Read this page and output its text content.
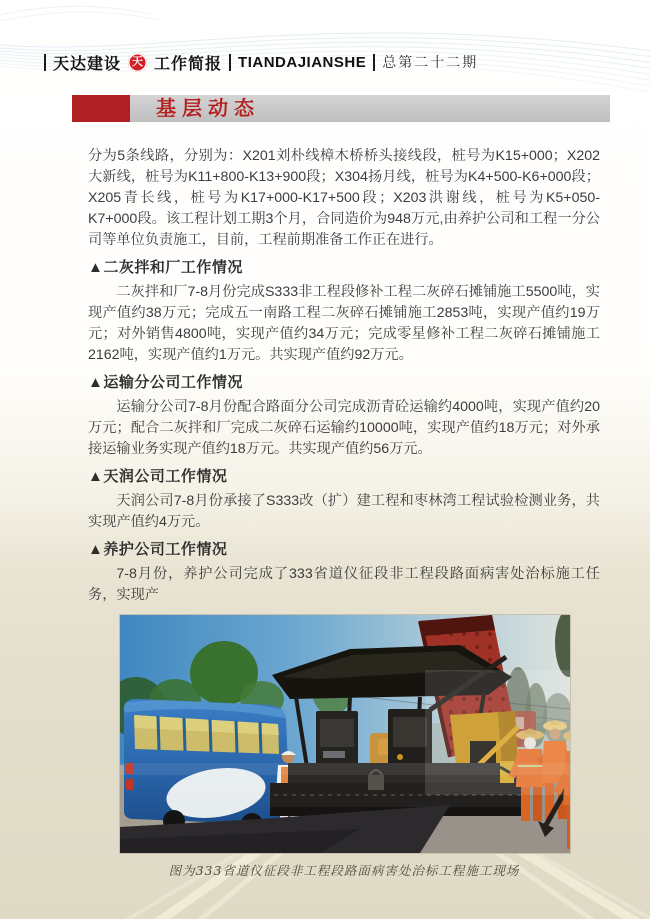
天达建设	天 工作简报 TIANDAJIANSHE 总第二十二期
基层动态

分为5条线路，分别为：X201刘朴线樟木桥桥头接线段，桩号为K15+000；X202大新线，桩号为K11+800-K13+900段；X304扬月线，桩号为K4+500-K6+000段；X205青长线，桩号为K17+000-K17+500段；X203洪谢线，桩号为K5+050-K7+000段。该工程计划工期3个月，合同造价为948万元,由养护公司和工程一分公司等单位负责施工，目前，工程前期准备工作正在进行。

▲二灰拌和厂工作情况

二灰拌和厂7-8月份完成S333非工程段修补工程二灰碎石摊铺施工5500吨，实现产值约38万元；完成五一南路工程二灰碎石摊铺施工2853吨，实现产值约19万元；对外销售4800吨，实现产值约34万元；完成零星修补工程二灰碎石摊铺施工2162吨，实现产值约1万元。共实现产值约92万元。

▲运输分公司工作情况

运输分公司7-8月份配合路面分公司完成沥青砼运输约4000吨，实现产值约20万元；配合二灰拌和厂完成二灰碎石运输约10000吨，实现产值约18万元；对外承接运输业务实现产值约18万元。共实现产值约56万元。

▲天润公司工作情况

天润公司7-8月份承接了S333改（扩）建工程和枣林湾工程试验检测业务，共实现产值约4万元。

▲养护公司工作情况

7-8月份，养护公司完成了333省道仪征段非工程段路面病害处治标施工任务，实现产

图为333省道仪征段非工程段路面病害处治标工程施工现场
